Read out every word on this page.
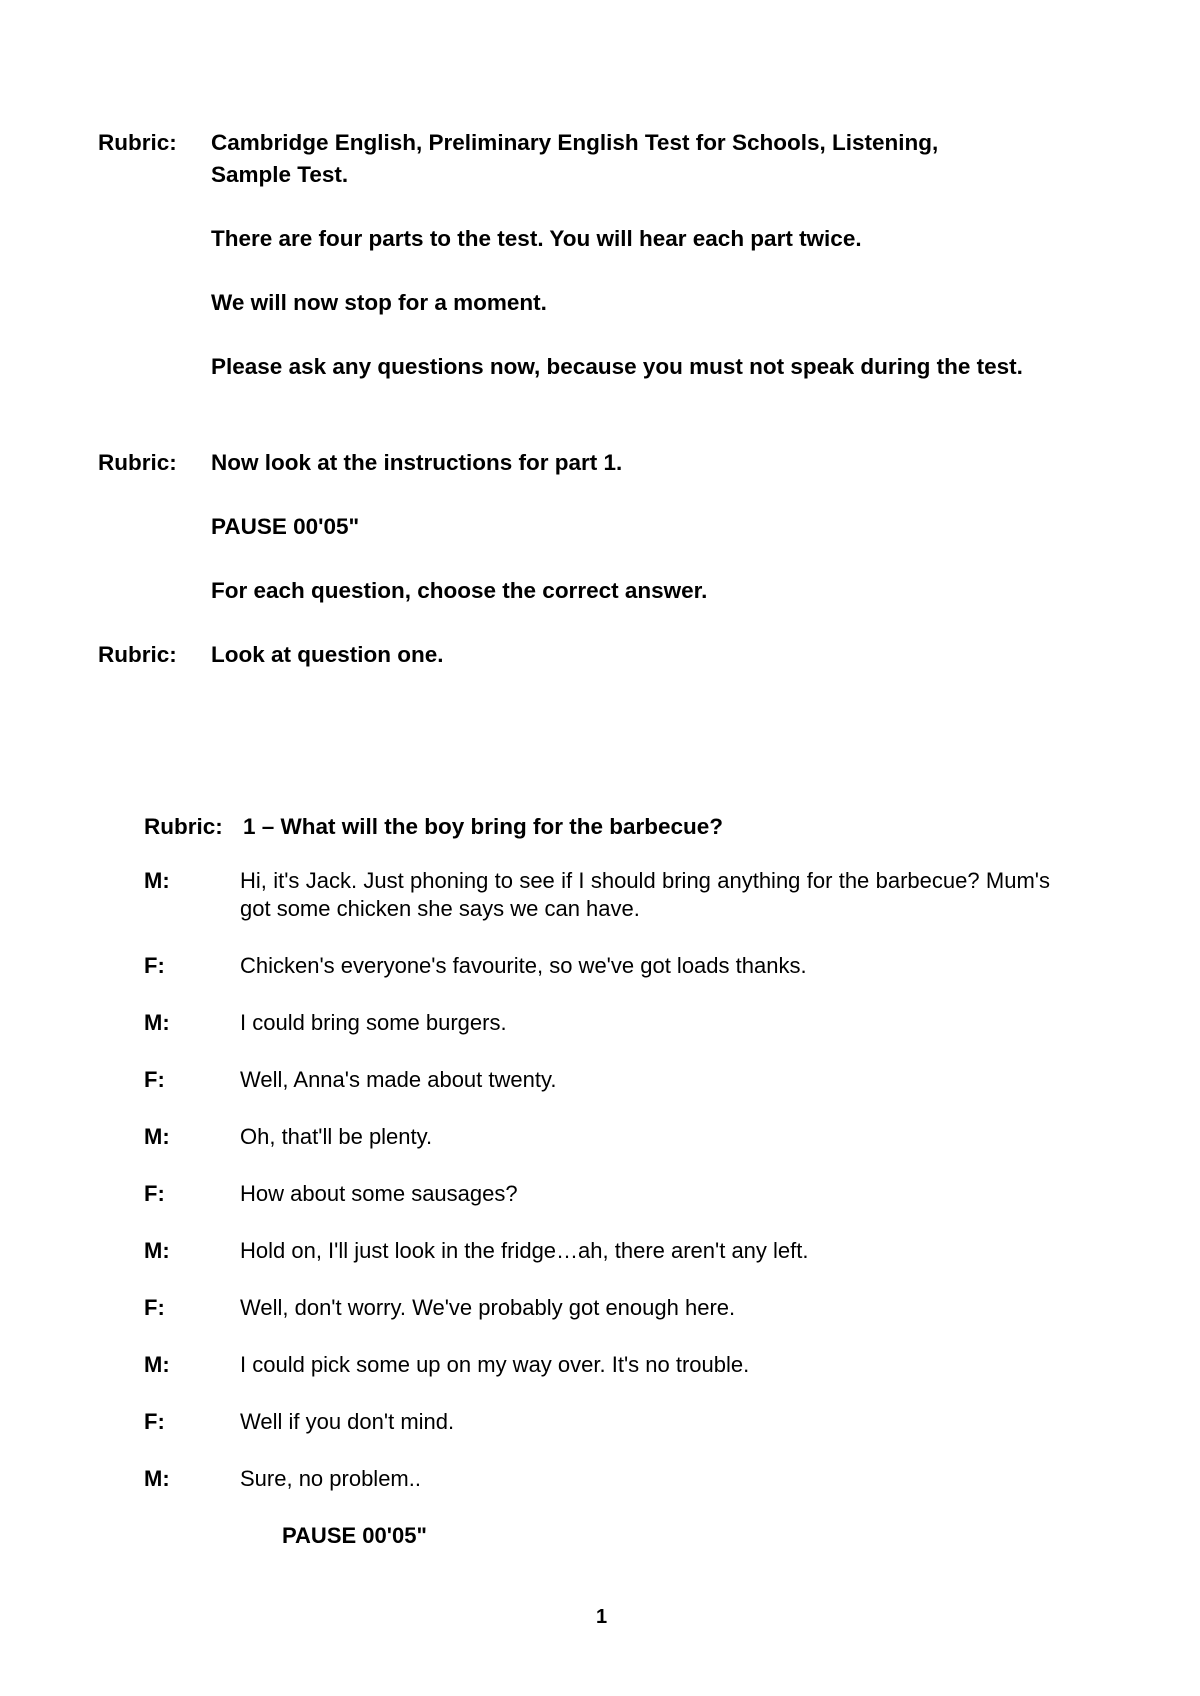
Rubric: Cambridge English, Preliminary English Test for Schools, Listening,
Sample Test.
There are four parts to the test. You will hear each part twice.
We will now stop for a moment.
Please ask any questions now, because you must not speak during the test.
Rubric: Now look at the instructions for part 1.
PAUSE 00'05"
For each question, choose the correct answer.
Rubric: Look at question one.
Rubric: 1 – What will the boy bring for the barbecue?
M:	Hi, it's Jack. Just phoning to see if I should bring anything for the barbecue? Mum's got some chicken she says we can have.
F:	Chicken's everyone's favourite, so we've got loads thanks.
M:	I could bring some burgers.
F:	Well, Anna's made about twenty.
M:	Oh, that'll be plenty.
F:	How about some sausages?
M:	Hold on, I'll just look in the fridge…ah, there aren't any left.
F:	Well, don't worry. We've probably got enough here.
M:	I could pick some up on my way over. It's no trouble.
F:	Well if you don't mind.
M:	Sure, no problem..
PAUSE 00'05"
1
